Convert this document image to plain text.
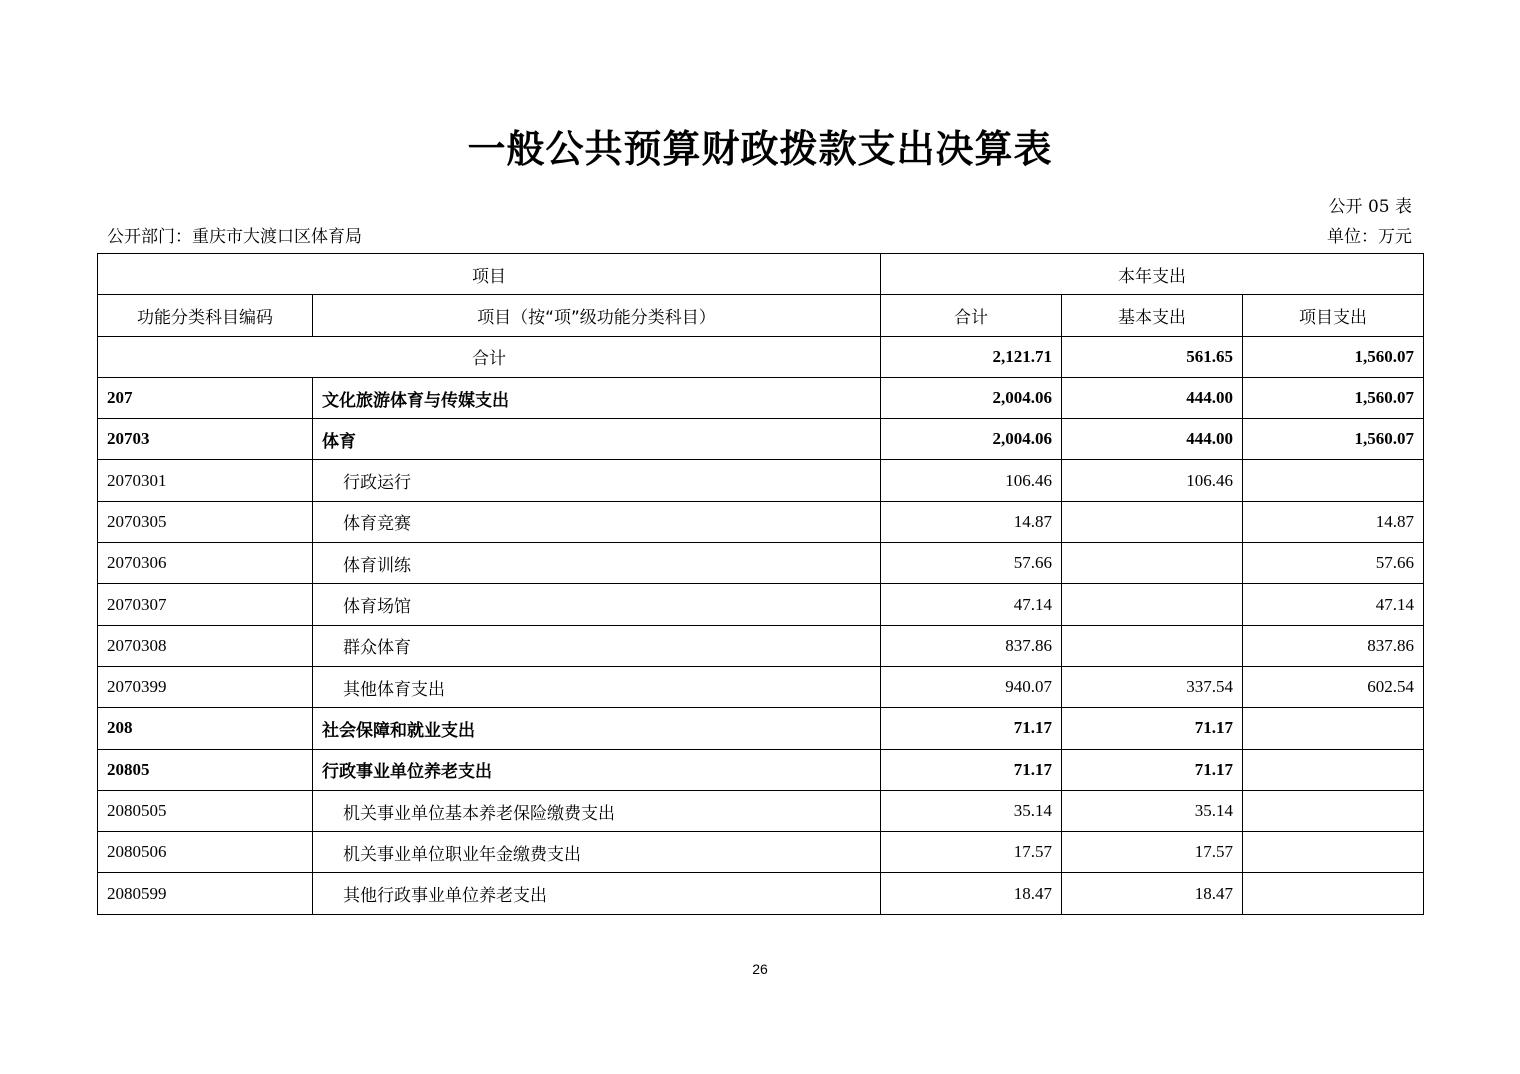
一般公共预算财政拨款支出决算表
公开 05 表
公开部门：重庆市大渡口区体育局	单位：万元
项目		本年支出		
功能分类科目编码	项目（按“项”级功能分类科目）	合计	基本支出	项目支出
合计		2,121.71	561.65	1,560.07
207	文化旅游体育与传媒支出	2,004.06	444.00	1,560.07
20703	体育	2,004.06	444.00	1,560.07
2070301	行政运行	106.46	106.46	
2070305	体育竞赛	14.87		14.87
2070306	体育训练	57.66		57.66
2070307	体育场馆	47.14		47.14
2070308	群众体育	837.86		837.86
2070399	其他体育支出	940.07	337.54	602.54
208	社会保障和就业支出	71.17	71.17	
20805	行政事业单位养老支出	71.17	71.17	
2080505	机关事业单位基本养老保险缴费支出	35.14	35.14	
2080506	机关事业单位职业年金缴费支出	17.57	17.57	
2080599	其他行政事业单位养老支出	18.47	18.47	
26
